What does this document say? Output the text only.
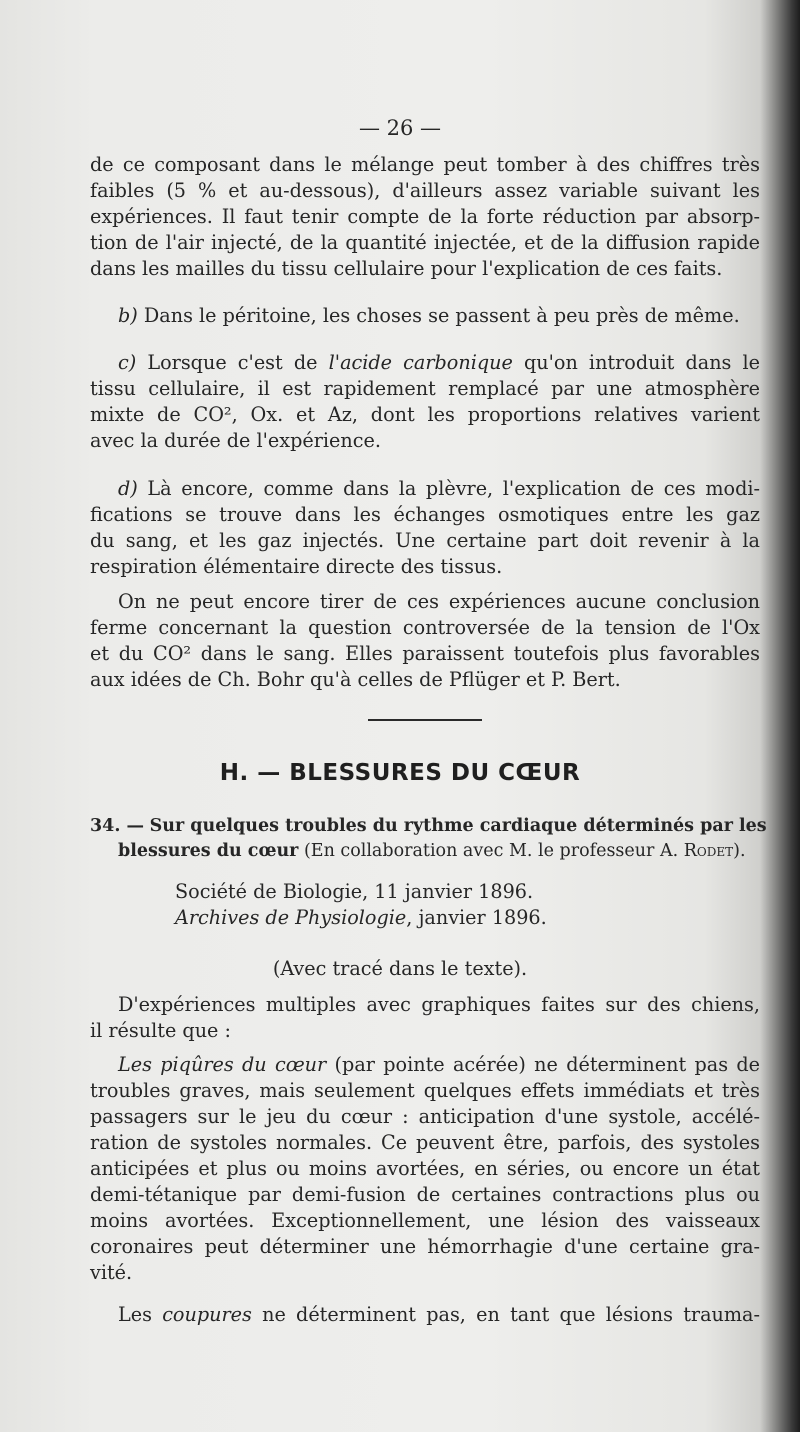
— 26 —
de ce composant dans le mélange peut tomber à des chiffres très
faibles (5 % et au-dessous), d'ailleurs assez variable suivant les
expériences. Il faut tenir compte de la forte réduction par absorp-
tion de l'air injecté, de la quantité injectée, et de la diffusion rapide
dans les mailles du tissu cellulaire pour l'explication de ces faits.
b) Dans le péritoine, les choses se passent à peu près de même.
c) Lorsque c'est de l'acide carbonique qu'on introduit dans le
tissu cellulaire, il est rapidement remplacé par une atmosphère
mixte de CO², Ox. et Az, dont les proportions relatives varient
avec la durée de l'expérience.
d) Là encore, comme dans la plèvre, l'explication de ces modi-
fications se trouve dans les échanges osmotiques entre les gaz
du sang, et les gaz injectés. Une certaine part doit revenir à la
respiration élémentaire directe des tissus.
On ne peut encore tirer de ces expériences aucune conclusion
ferme concernant la question controversée de la tension de l'Ox
et du CO² dans le sang. Elles paraissent toutefois plus favorables
aux idées de Ch. Bohr qu'à celles de Pflüger et P. Bert.
H. — BLESSURES DU CŒUR
34. — Sur quelques troubles du rythme cardiaque déterminés par les
blessures du cœur (En collaboration avec M. le professeur A. Rodet).
Société de Biologie, 11 janvier 1896.
Archives de Physiologie, janvier 1896.
(Avec tracé dans le texte).
D'expériences multiples avec graphiques faites sur des chiens,
il résulte que :
Les piqûres du cœur (par pointe acérée) ne déterminent pas de
troubles graves, mais seulement quelques effets immédiats et très
passagers sur le jeu du cœur : anticipation d'une systole, accélé-
ration de systoles normales. Ce peuvent être, parfois, des systoles
anticipées et plus ou moins avortées, en séries, ou encore un état
demi-tétanique par demi-fusion de certaines contractions plus ou
moins avortées. Exceptionnellement, une lésion des vaisseaux
coronaires peut déterminer une hémorrhagie d'une certaine gra-
vité.
Les coupures ne déterminent pas, en tant que lésions trauma-
